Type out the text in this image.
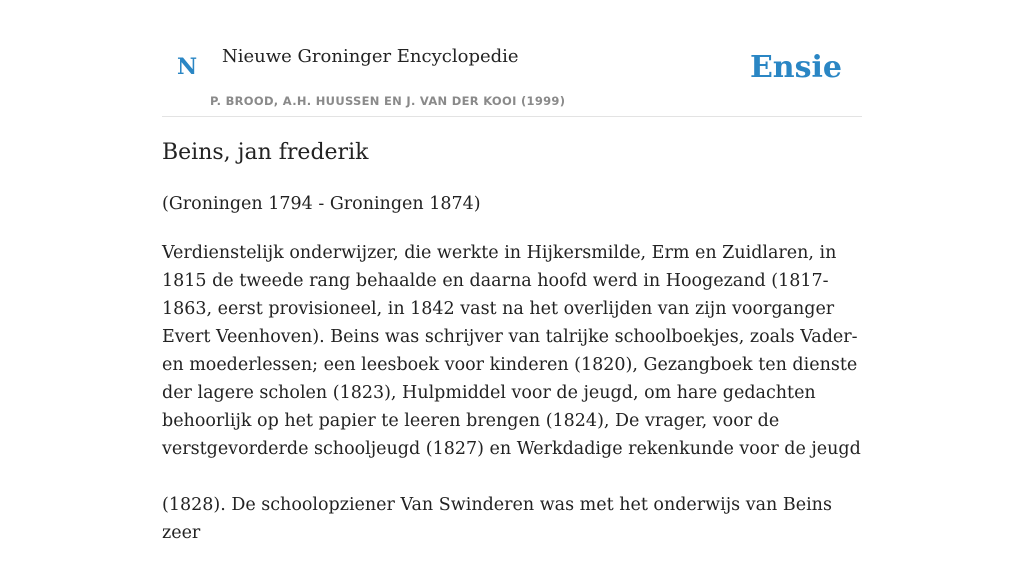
N Nieuwe Groninger Encyclopedie
P. BROOD, A.H. HUUSSEN EN J. VAN DER KOOI (1999)
Ensie
Beins, jan frederik

(Groningen 1794 - Groningen 1874)

Verdienstelijk onderwijzer, die werkte in Hijkersmilde, Erm en Zuidlaren, in 1815 de tweede rang behaalde en daarna hoofd werd in Hoogezand (1817-1863, eerst provisioneel, in 1842 vast na het overlijden van zijn voorganger Evert Veenhoven). Beins was schrijver van talrijke schoolboekjes, zoals Vader- en moederlessen; een leesboek voor kinderen (1820), Gezangboek ten dienste der lagere scholen (1823), Hulpmiddel voor de jeugd, om hare gedachten behoorlijk op het papier te leeren brengen (1824), De vrager, voor de verstgevorderde schooljeugd (1827) en Werkdadige rekenkunde voor de jeugd

(1828). De schoolopziener Van Swinderen was met het onderwijs van Beins zeer
